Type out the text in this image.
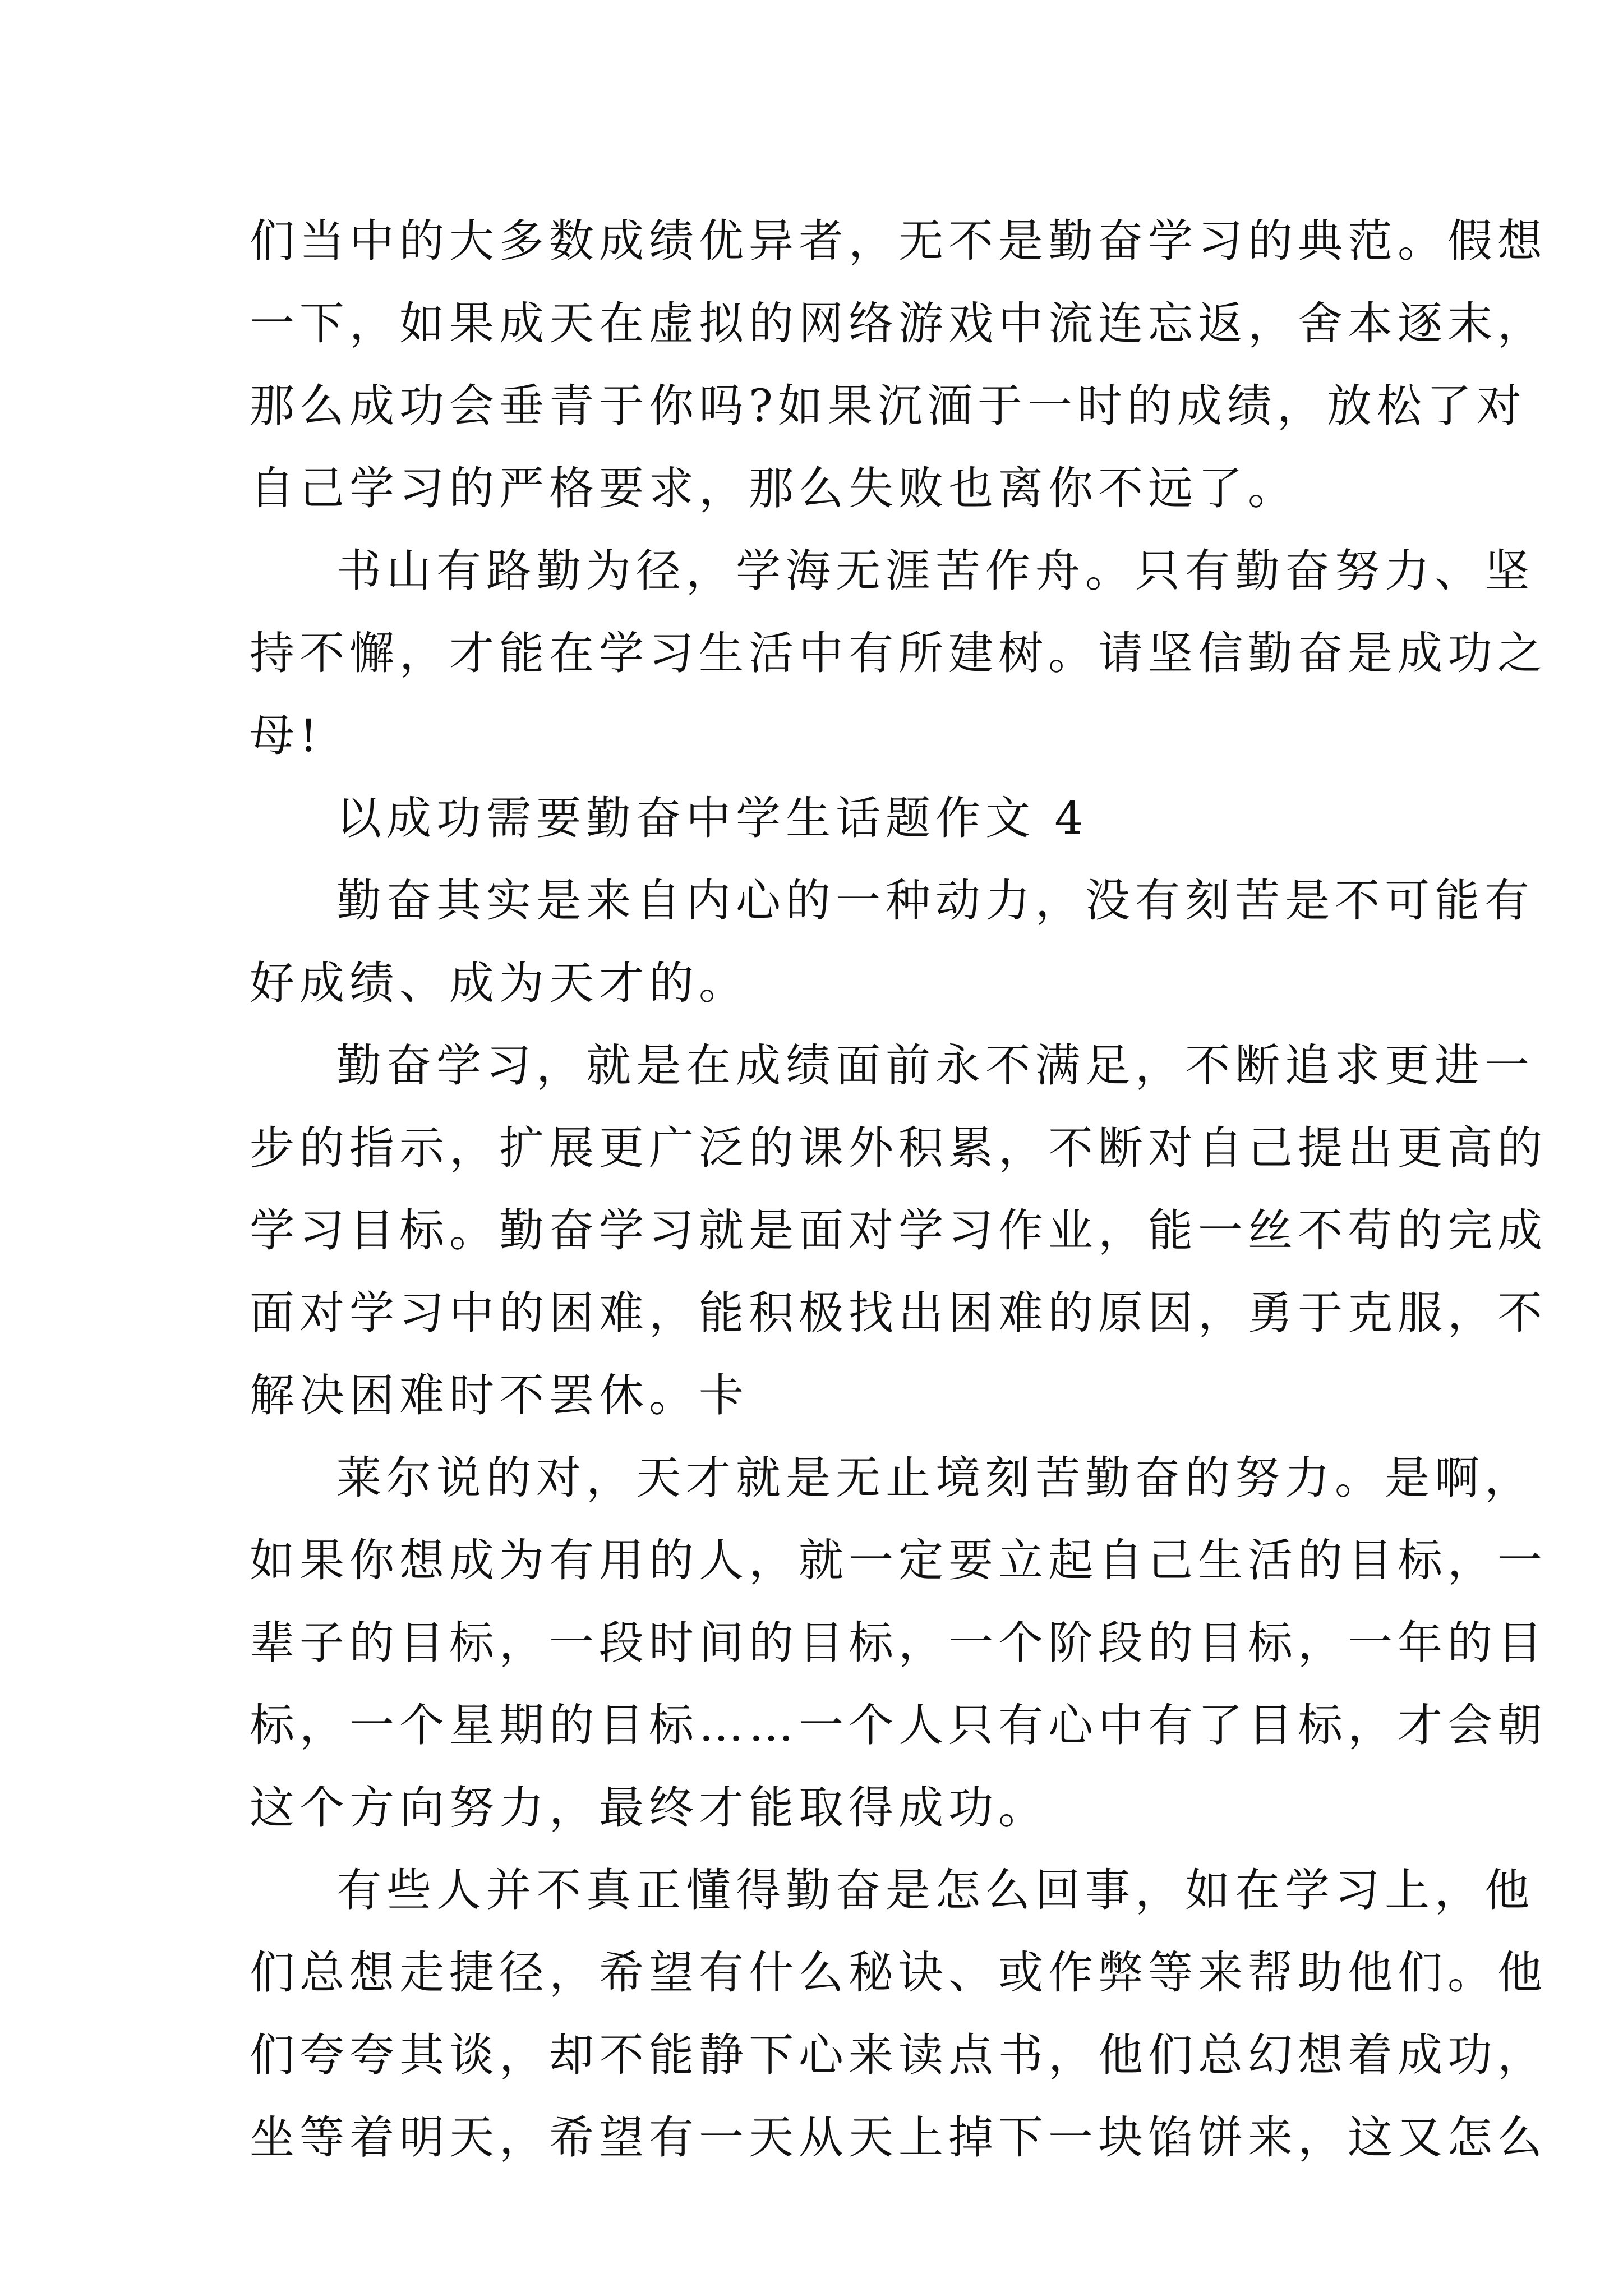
们当中的大多数成绩优异者，无不是勤奋学习的典范。假想
一下，如果成天在虚拟的网络游戏中流连忘返，舍本逐末，
那么成功会垂青于你吗?如果沉湎于一时的成绩，放松了对
自己学习的严格要求，那么失败也离你不远了。
书山有路勤为径，学海无涯苦作舟。只有勤奋努力、坚
持不懈，才能在学习生活中有所建树。请坚信勤奋是成功之
母!
以成功需要勤奋中学生话题作文 4
勤奋其实是来自内心的一种动力，没有刻苦是不可能有
好成绩、成为天才的。
勤奋学习，就是在成绩面前永不满足，不断追求更进一
步的指示，扩展更广泛的课外积累，不断对自己提出更高的
学习目标。勤奋学习就是面对学习作业，能一丝不苟的完成
面对学习中的困难，能积极找出困难的原因，勇于克服，不
解决困难时不罢休。卡
莱尔说的对，天才就是无止境刻苦勤奋的努力。是啊，
如果你想成为有用的人，就一定要立起自己生活的目标，一
辈子的目标，一段时间的目标，一个阶段的目标，一年的目
标，一个星期的目标……一个人只有心中有了目标，才会朝
这个方向努力，最终才能取得成功。
有些人并不真正懂得勤奋是怎么回事，如在学习上，他
们总想走捷径，希望有什么秘诀、或作弊等来帮助他们。他
们夸夸其谈，却不能静下心来读点书，他们总幻想着成功，
坐等着明天，希望有一天从天上掉下一块馅饼来，这又怎么
